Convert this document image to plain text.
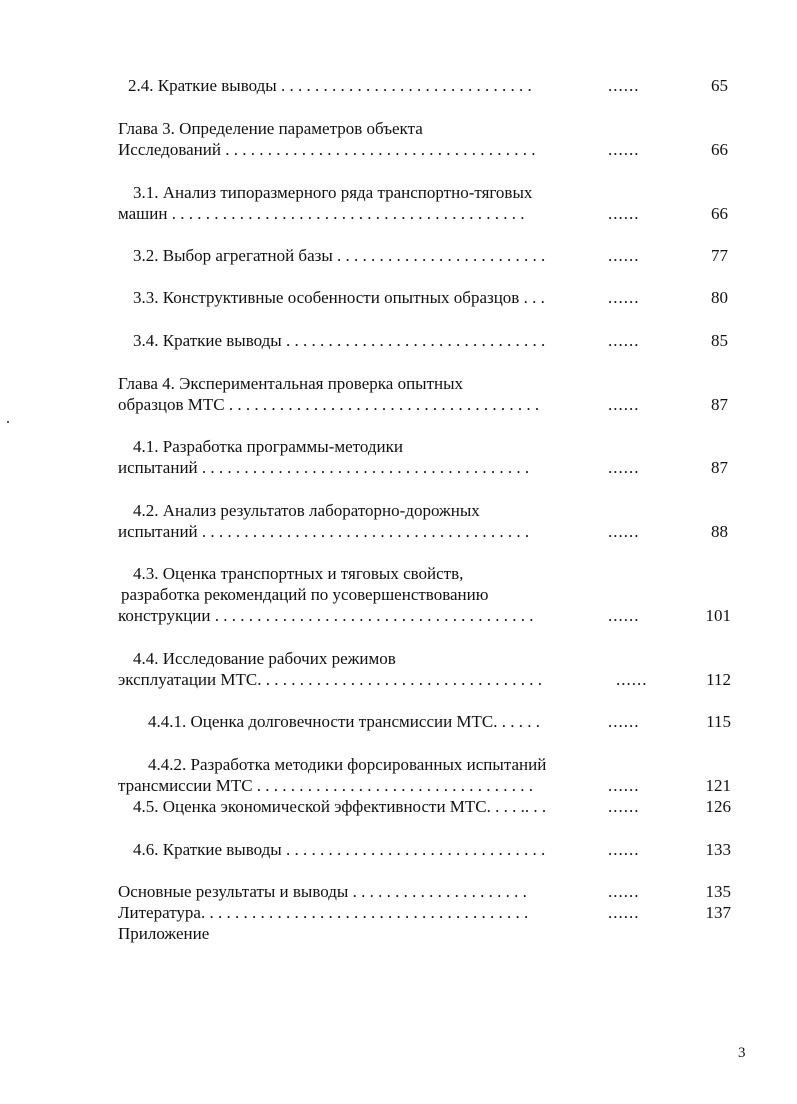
2.4. Краткие выводы . . . . . . . . . . . . . . . . . . . . . . . . . . . . . .	......	65
Глава 3. Определение параметров объекта
Исследований . . . . . . . . . . . . . . . . . . . . . . . . . . . . . . . . . . . . .	......	66
3.1. Анализ типоразмерного ряда транспортно-тяговых
машин . . . . . . . . . . . . . . . . . . . . . . . . . . . . . . . . . . . . . . . . . .	......	66
3.2. Выбор агрегатной базы . . . . . . . . . . . . . . . . . . . . . . . . .	......	77
3.3. Конструктивные особенности опытных образцов . . .	......	80
3.4. Краткие выводы . . . . . . . . . . . . . . . . . . . . . . . . . . . . . . .	......	85
Глава 4. Экспериментальная проверка опытных
образцов МТС . . . . . . . . . . . . . . . . . . . . . . . . . . . . . . . . . . . . .	......	87
4.1. Разработка программы-методики
испытаний . . . . . . . . . . . . . . . . . . . . . . . . . . . . . . . . . . . . . . .	......	87
4.2. Анализ результатов лабораторно-дорожных
испытаний . . . . . . . . . . . . . . . . . . . . . . . . . . . . . . . . . . . . . . .	......	88
4.3. Оценка транспортных и тяговых свойств,
разработка рекомендаций по усовершенствованию
конструкции . . . . . . . . . . . . . . . . . . . . . . . . . . . . . . . . . . . . . .	......	101
4.4. Исследование рабочих режимов
эксплуатации МТС. . . . . . . . . . . . . . . . . . . . . . . . . . . . . . . . . .	......	112
4.4.1. Оценка долговечности трансмиссии МТС. . . . . .	......	115
4.4.2. Разработка методики форсированных испытаний
трансмиссии МТС . . . . . . . . . . . . . . . . . . . . . . . . . . . . . . . . .	......	121
4.5. Оценка экономической эффективности МТС. . . . .. . .	......	126
4.6. Краткие выводы . . . . . . . . . . . . . . . . . . . . . . . . . . . . . . .	......	133
Основные результаты и выводы . . . . . . . . . . . . . . . . . . . . .	......	135
Литература. . . . . . . . . . . . . . . . . . . . . . . . . . . . . . . . . . . . . . .	......	137
Приложение
3
